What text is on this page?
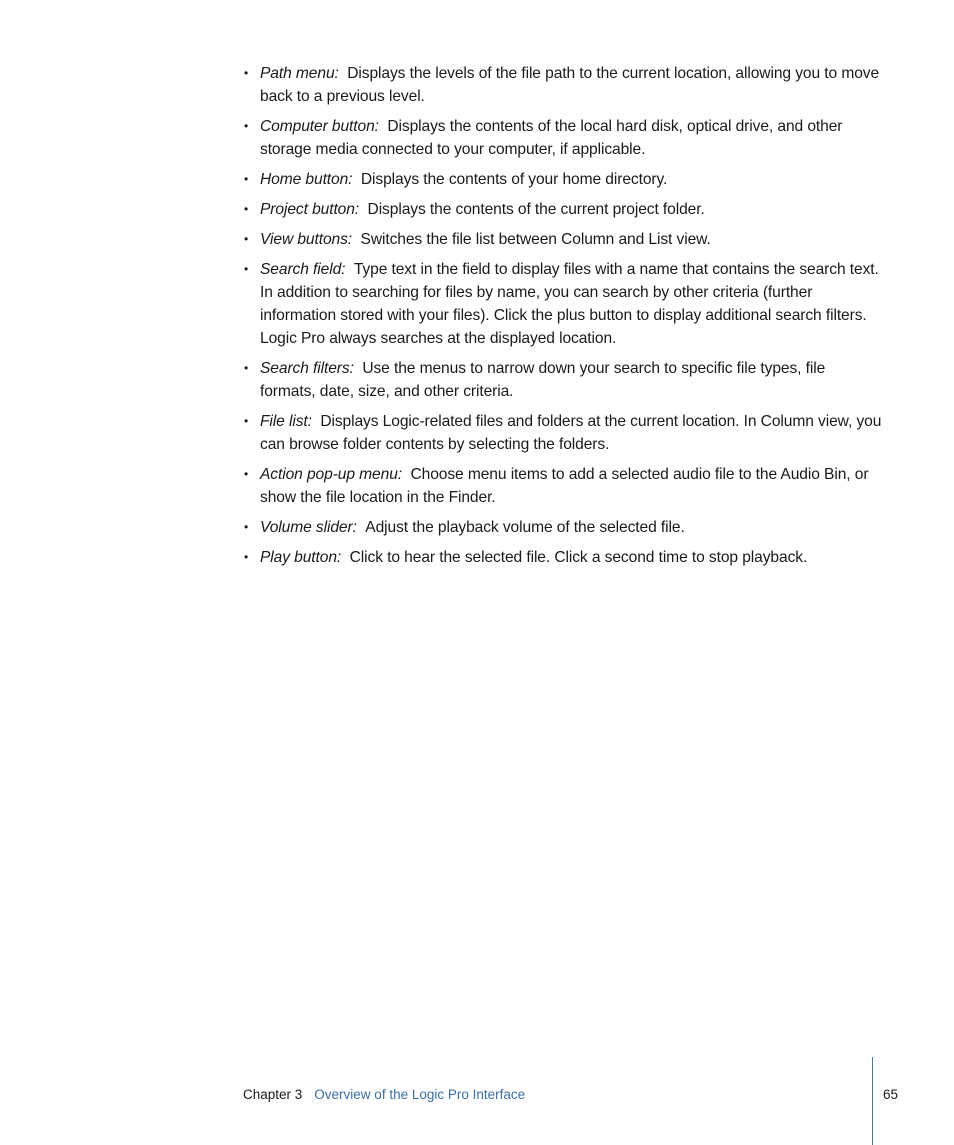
• Path menu: Displays the levels of the file path to the current location, allowing you to move back to a previous level.
• Computer button: Displays the contents of the local hard disk, optical drive, and other storage media connected to your computer, if applicable.
• Home button: Displays the contents of your home directory.
• Project button: Displays the contents of the current project folder.
• View buttons: Switches the file list between Column and List view.
• Search field: Type text in the field to display files with a name that contains the search text. In addition to searching for files by name, you can search by other criteria (further information stored with your files). Click the plus button to display additional search filters. Logic Pro always searches at the displayed location.
• Search filters: Use the menus to narrow down your search to specific file types, file formats, date, size, and other criteria.
• File list: Displays Logic-related files and folders at the current location. In Column view, you can browse folder contents by selecting the folders.
• Action pop-up menu: Choose menu items to add a selected audio file to the Audio Bin, or show the file location in the Finder.
• Volume slider: Adjust the playback volume of the selected file.
• Play button: Click to hear the selected file. Click a second time to stop playback.
Chapter 3 Overview of the Logic Pro Interface	65
